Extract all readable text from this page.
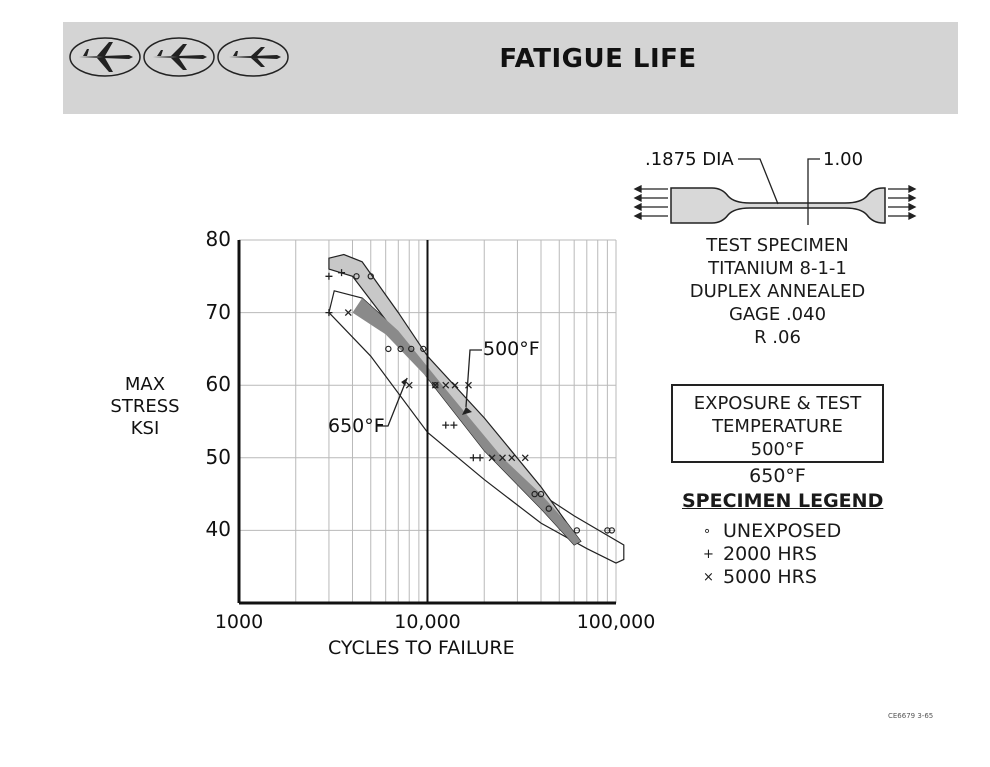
FATIGUE LIFE
MAX
STRESS
KSI
CYCLES TO FAILURE
80
70
60
50
40
1000	10,000	100,000
500°F
650°F
.1875 DIA	1.00
TEST SPECIMEN
TITANIUM 8-1-1
DUPLEX ANNEALED
GAGE .040
R .06
EXPOSURE & TEST
TEMPERATURE
500°F
650°F
SPECIMEN LEGEND
∘ UNEXPOSED
+ 2000 HRS
× 5000 HRS
CE6679 3-65
